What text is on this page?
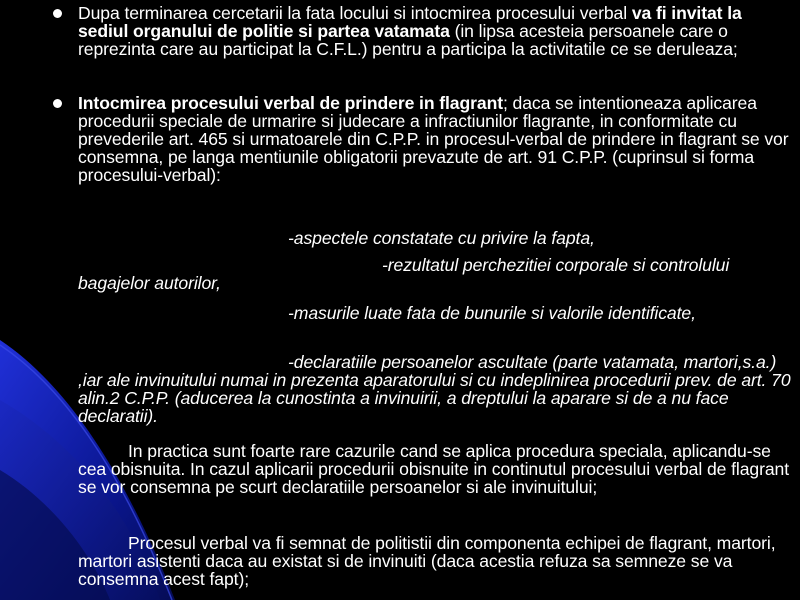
Dupa terminarea cercetarii la fata locului si intocmirea procesului verbal va fi invitat la sediul organului de politie si partea vatamata (in lipsa acesteia persoanele care o reprezinta care au participat la C.F.L.) pentru a participa la activitatile ce se deruleaza;

Intocmirea procesului verbal de prindere in flagrant; daca se intentioneaza aplicarea procedurii speciale de urmarire si judecare a infractiunilor flagrante, in conformitate cu prevederile art. 465 si urmatoarele din C.P.P. in procesul-verbal de prindere in flagrant se vor consemna, pe langa mentiunile obligatorii prevazute de art. 91 C.P.P. (cuprinsul si forma procesului-verbal):

-aspectele constatate cu privire la fapta,

-rezultatul perchezitiei corporale si controlului bagajelor autorilor,

-masurile luate fata de bunurile si valorile identificate,

-declaratiile persoanelor ascultate (parte vatamata, martori,s.a.) ,iar ale invinuitului numai in prezenta aparatorului si cu indeplinirea procedurii prev. de art. 70 alin.2 C.P.P. (aducerea la cunostinta a invinuirii, a dreptului la aparare si de a nu face declaratii).

In practica sunt foarte rare cazurile cand se aplica procedura speciala, aplicandu-se cea obisnuita. In cazul aplicarii procedurii obisnuite in continutul procesului verbal de flagrant se vor consemna pe scurt declaratiile persoanelor si ale invinuitului;

Procesul verbal va fi semnat de politistii din componenta echipei de flagrant, martori, martori asistenti daca au existat si de invinuiti (daca acestia refuza sa semneze se va consemna acest fapt);
